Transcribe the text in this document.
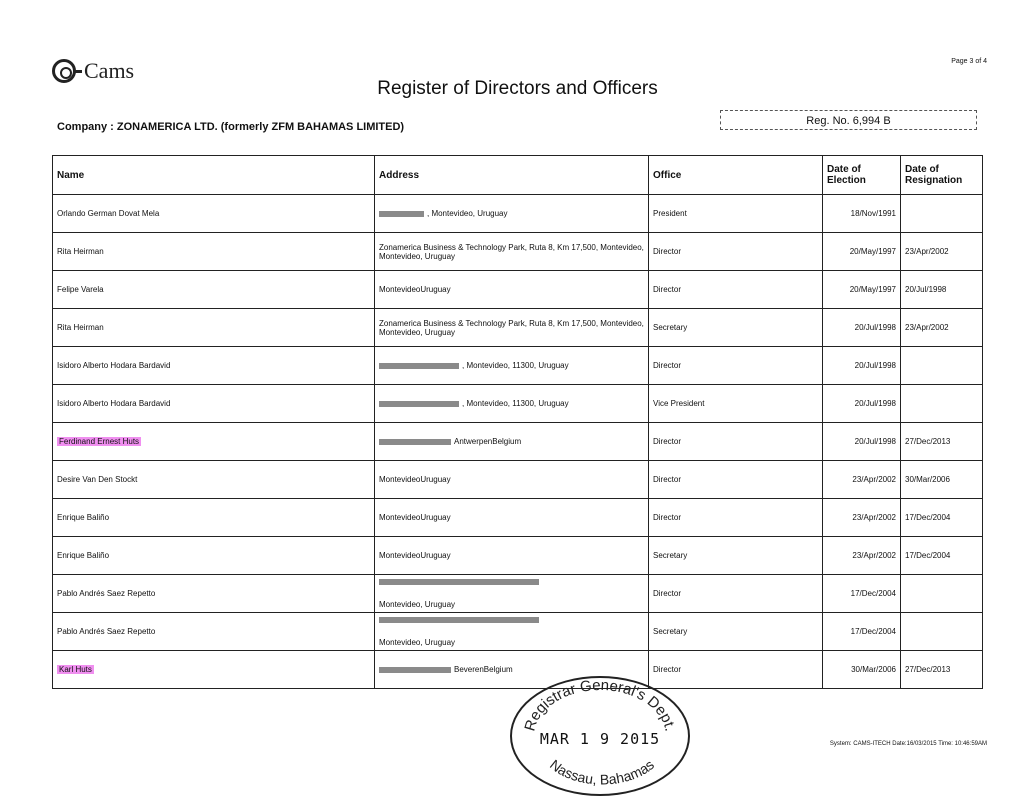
Cams	Page 3 of 4
Register of Directors and Officers
Company : ZONAMERICA LTD. (formerly ZFM BAHAMAS LIMITED)	Reg. No. 6,994 B
Name	Address	Office	Date of Election	Date of Resignation
Orlando German Dovat Mela	, Montevideo, Uruguay	President	18/Nov/1991	
Rita Heirman	Zonamerica Business & Technology Park, Ruta 8, Km 17,500, Montevideo, Montevideo, Uruguay	Director	20/May/1997	23/Apr/2002
Felipe Varela	MontevideoUruguay	Director	20/May/1997	20/Jul/1998
Rita Heirman	Zonamerica Business & Technology Park, Ruta 8, Km 17,500, Montevideo, Montevideo, Uruguay	Secretary	20/Jul/1998	23/Apr/2002
Isidoro Alberto Hodara Bardavid	, Montevideo, 11300, Uruguay	Director	20/Jul/1998	
Isidoro Alberto Hodara Bardavid	, Montevideo, 11300, Uruguay	Vice President	20/Jul/1998	
Ferdinand Ernest Huts	AntwerpenBelgium	Director	20/Jul/1998	27/Dec/2013
Desire Van Den Stockt	MontevideoUruguay	Director	23/Apr/2002	30/Mar/2006
Enrique Baliño	MontevideoUruguay	Director	23/Apr/2002	17/Dec/2004
Enrique Baliño	MontevideoUruguay	Secretary	23/Apr/2002	17/Dec/2004
Pablo Andrés Saez Repetto	Montevideo, Uruguay	Director	17/Dec/2004	
Pablo Andrés Saez Repetto	Montevideo, Uruguay	Secretary	17/Dec/2004	
Karl Huts	BeverenBelgium	Director	30/Mar/2006	27/Dec/2013
Registrar General's Dept.
Nassau, Bahamas
MAR 1 9 2015	System: CAMS-ITECH Date:16/03/2015 Time: 10:46:59AM
